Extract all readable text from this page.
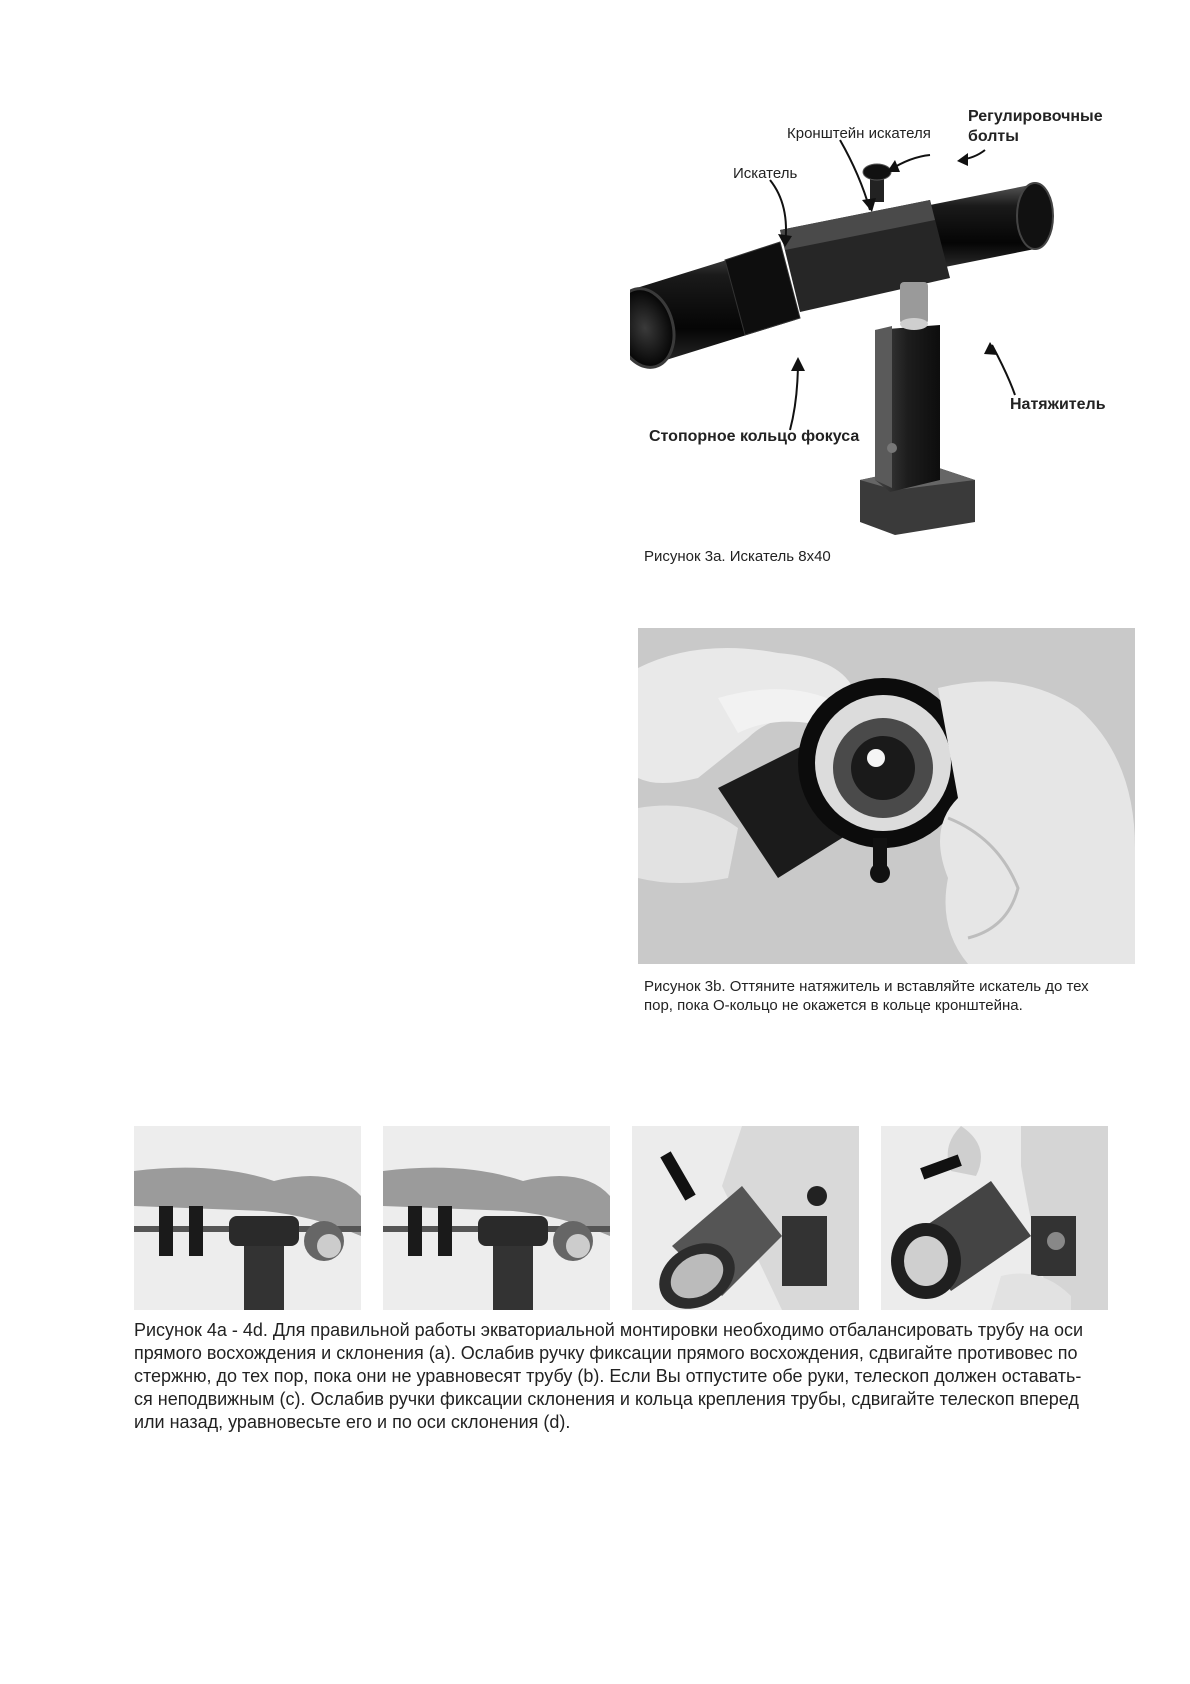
Искатель
Кронштейн искателя
Регулировочные
болты
Натяжитель
Стопорное кольцо фокуса
Рисунок 3a. Искатель 8x40
Рисунок 3b. Оттяните натяжитель и вставляйте искатель до тех
пор, пока О-кольцо не окажется в кольце кронштейна.
Рисунок 4a - 4d. Для правильной работы экваториальной монтировки необходимо отбалансировать трубу на оси
прямого восхождения и склонения (a). Ослабив ручку фиксации прямого восхождения, сдвигайте противовес по
стержню, до тех пор, пока они не уравновесят трубу (b). Если Вы отпустите обе руки, телескоп должен оставать-
ся неподвижным (c). Ослабив ручки фиксации склонения и кольца крепления трубы, сдвигайте телескоп вперед
или назад, уравновесьте его и по оси склонения (d).
